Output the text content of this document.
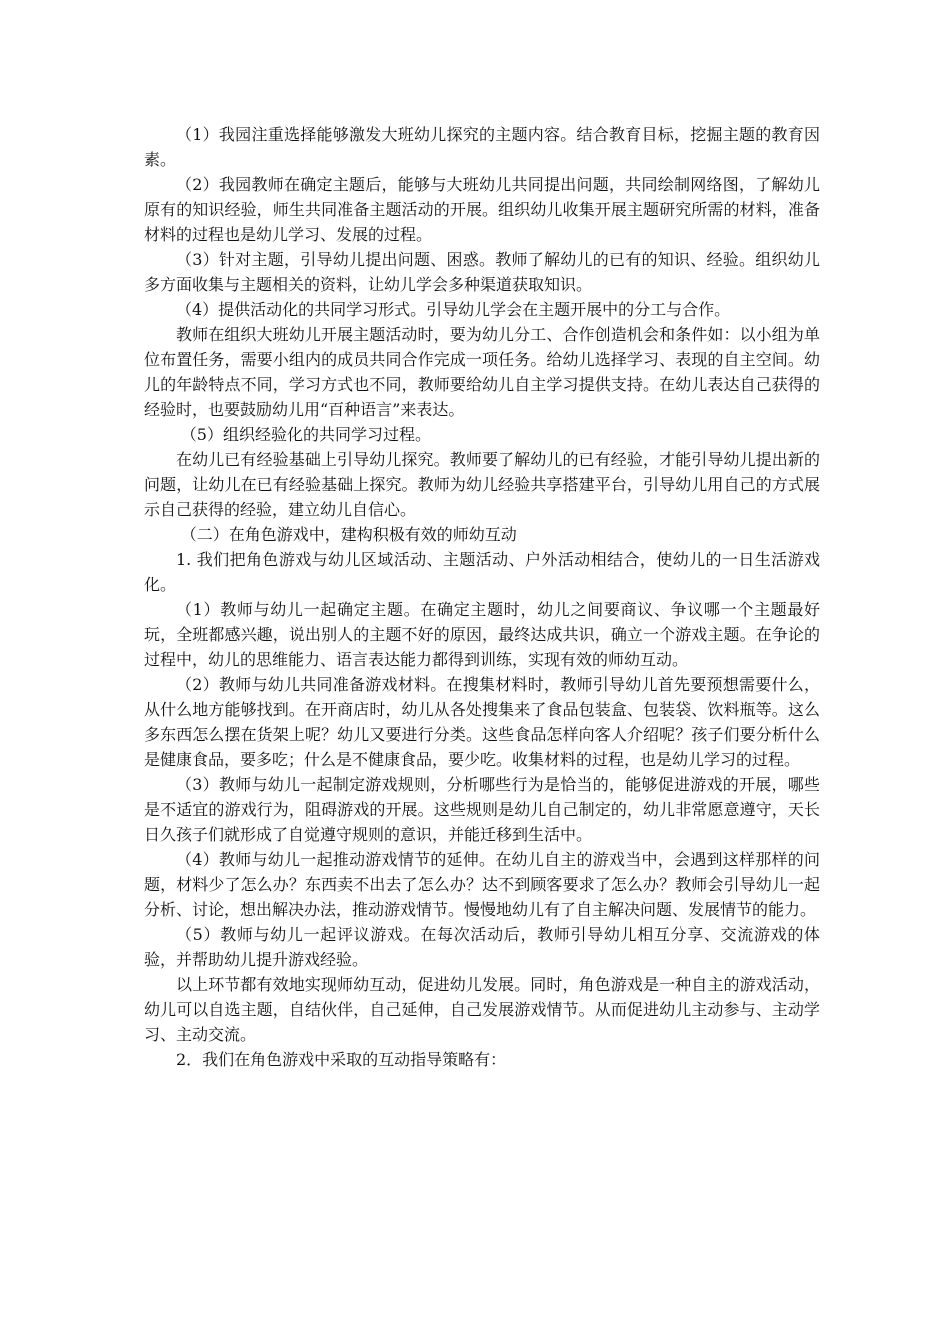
（1）我园注重选择能够激发大班幼儿探究的主题内容。结合教育目标，挖掘主题的教育因素。

（2）我园教师在确定主题后，能够与大班幼儿共同提出问题，共同绘制网络图，了解幼儿原有的知识经验，师生共同准备主题活动的开展。组织幼儿收集开展主题研究所需的材料，准备材料的过程也是幼儿学习、发展的过程。

（3）针对主题，引导幼儿提出问题、困惑。教师了解幼儿的已有的知识、经验。组织幼儿多方面收集与主题相关的资料，让幼儿学会多种渠道获取知识。

（4）提供活动化的共同学习形式。引导幼儿学会在主题开展中的分工与合作。

教师在组织大班幼儿开展主题活动时，要为幼儿分工、合作创造机会和条件如：以小组为单位布置任务，需要小组内的成员共同合作完成一项任务。给幼儿选择学习、表现的自主空间。幼儿的年龄特点不同，学习方式也不同，教师要给幼儿自主学习提供支持。在幼儿表达自己获得的经验时，也要鼓励幼儿用“百种语言”来表达。

（5）组织经验化的共同学习过程。

在幼儿已有经验基础上引导幼儿探究。教师要了解幼儿的已有经验，才能引导幼儿提出新的问题，让幼儿在已有经验基础上探究。教师为幼儿经验共享搭建平台，引导幼儿用自己的方式展示自己获得的经验，建立幼儿自信心。

（二）在角色游戏中，建构积极有效的师幼互动

1. 我们把角色游戏与幼儿区域活动、主题活动、户外活动相结合，使幼儿的一日生活游戏化。

（1）教师与幼儿一起确定主题。在确定主题时，幼儿之间要商议、争议哪一个主题最好玩，全班都感兴趣，说出别人的主题不好的原因，最终达成共识，确立一个游戏主题。在争论的过程中，幼儿的思维能力、语言表达能力都得到训练，实现有效的师幼互动。

（2）教师与幼儿共同准备游戏材料。在搜集材料时，教师引导幼儿首先要预想需要什么，从什么地方能够找到。在开商店时，幼儿从各处搜集来了食品包装盒、包装袋、饮料瓶等。这么多东西怎么摆在货架上呢？幼儿又要进行分类。这些食品怎样向客人介绍呢？孩子们要分析什么是健康食品，要多吃；什么是不健康食品，要少吃。收集材料的过程，也是幼儿学习的过程。

（3）教师与幼儿一起制定游戏规则，分析哪些行为是恰当的，能够促进游戏的开展，哪些是不适宜的游戏行为，阻碍游戏的开展。这些规则是幼儿自己制定的，幼儿非常愿意遵守，天长日久孩子们就形成了自觉遵守规则的意识，并能迁移到生活中。

（4）教师与幼儿一起推动游戏情节的延伸。在幼儿自主的游戏当中，会遇到这样那样的问题，材料少了怎么办？东西卖不出去了怎么办？达不到顾客要求了怎么办？教师会引导幼儿一起分析、讨论，想出解决办法，推动游戏情节。慢慢地幼儿有了自主解决问题、发展情节的能力。

（5）教师与幼儿一起评议游戏。在每次活动后，教师引导幼儿相互分享、交流游戏的体验，并帮助幼儿提升游戏经验。

以上环节都有效地实现师幼互动，促进幼儿发展。同时，角色游戏是一种自主的游戏活动，幼儿可以自选主题，自结伙伴，自己延伸，自己发展游戏情节。从而促进幼儿主动参与、主动学习、主动交流。

2．我们在角色游戏中采取的互动指导策略有：
